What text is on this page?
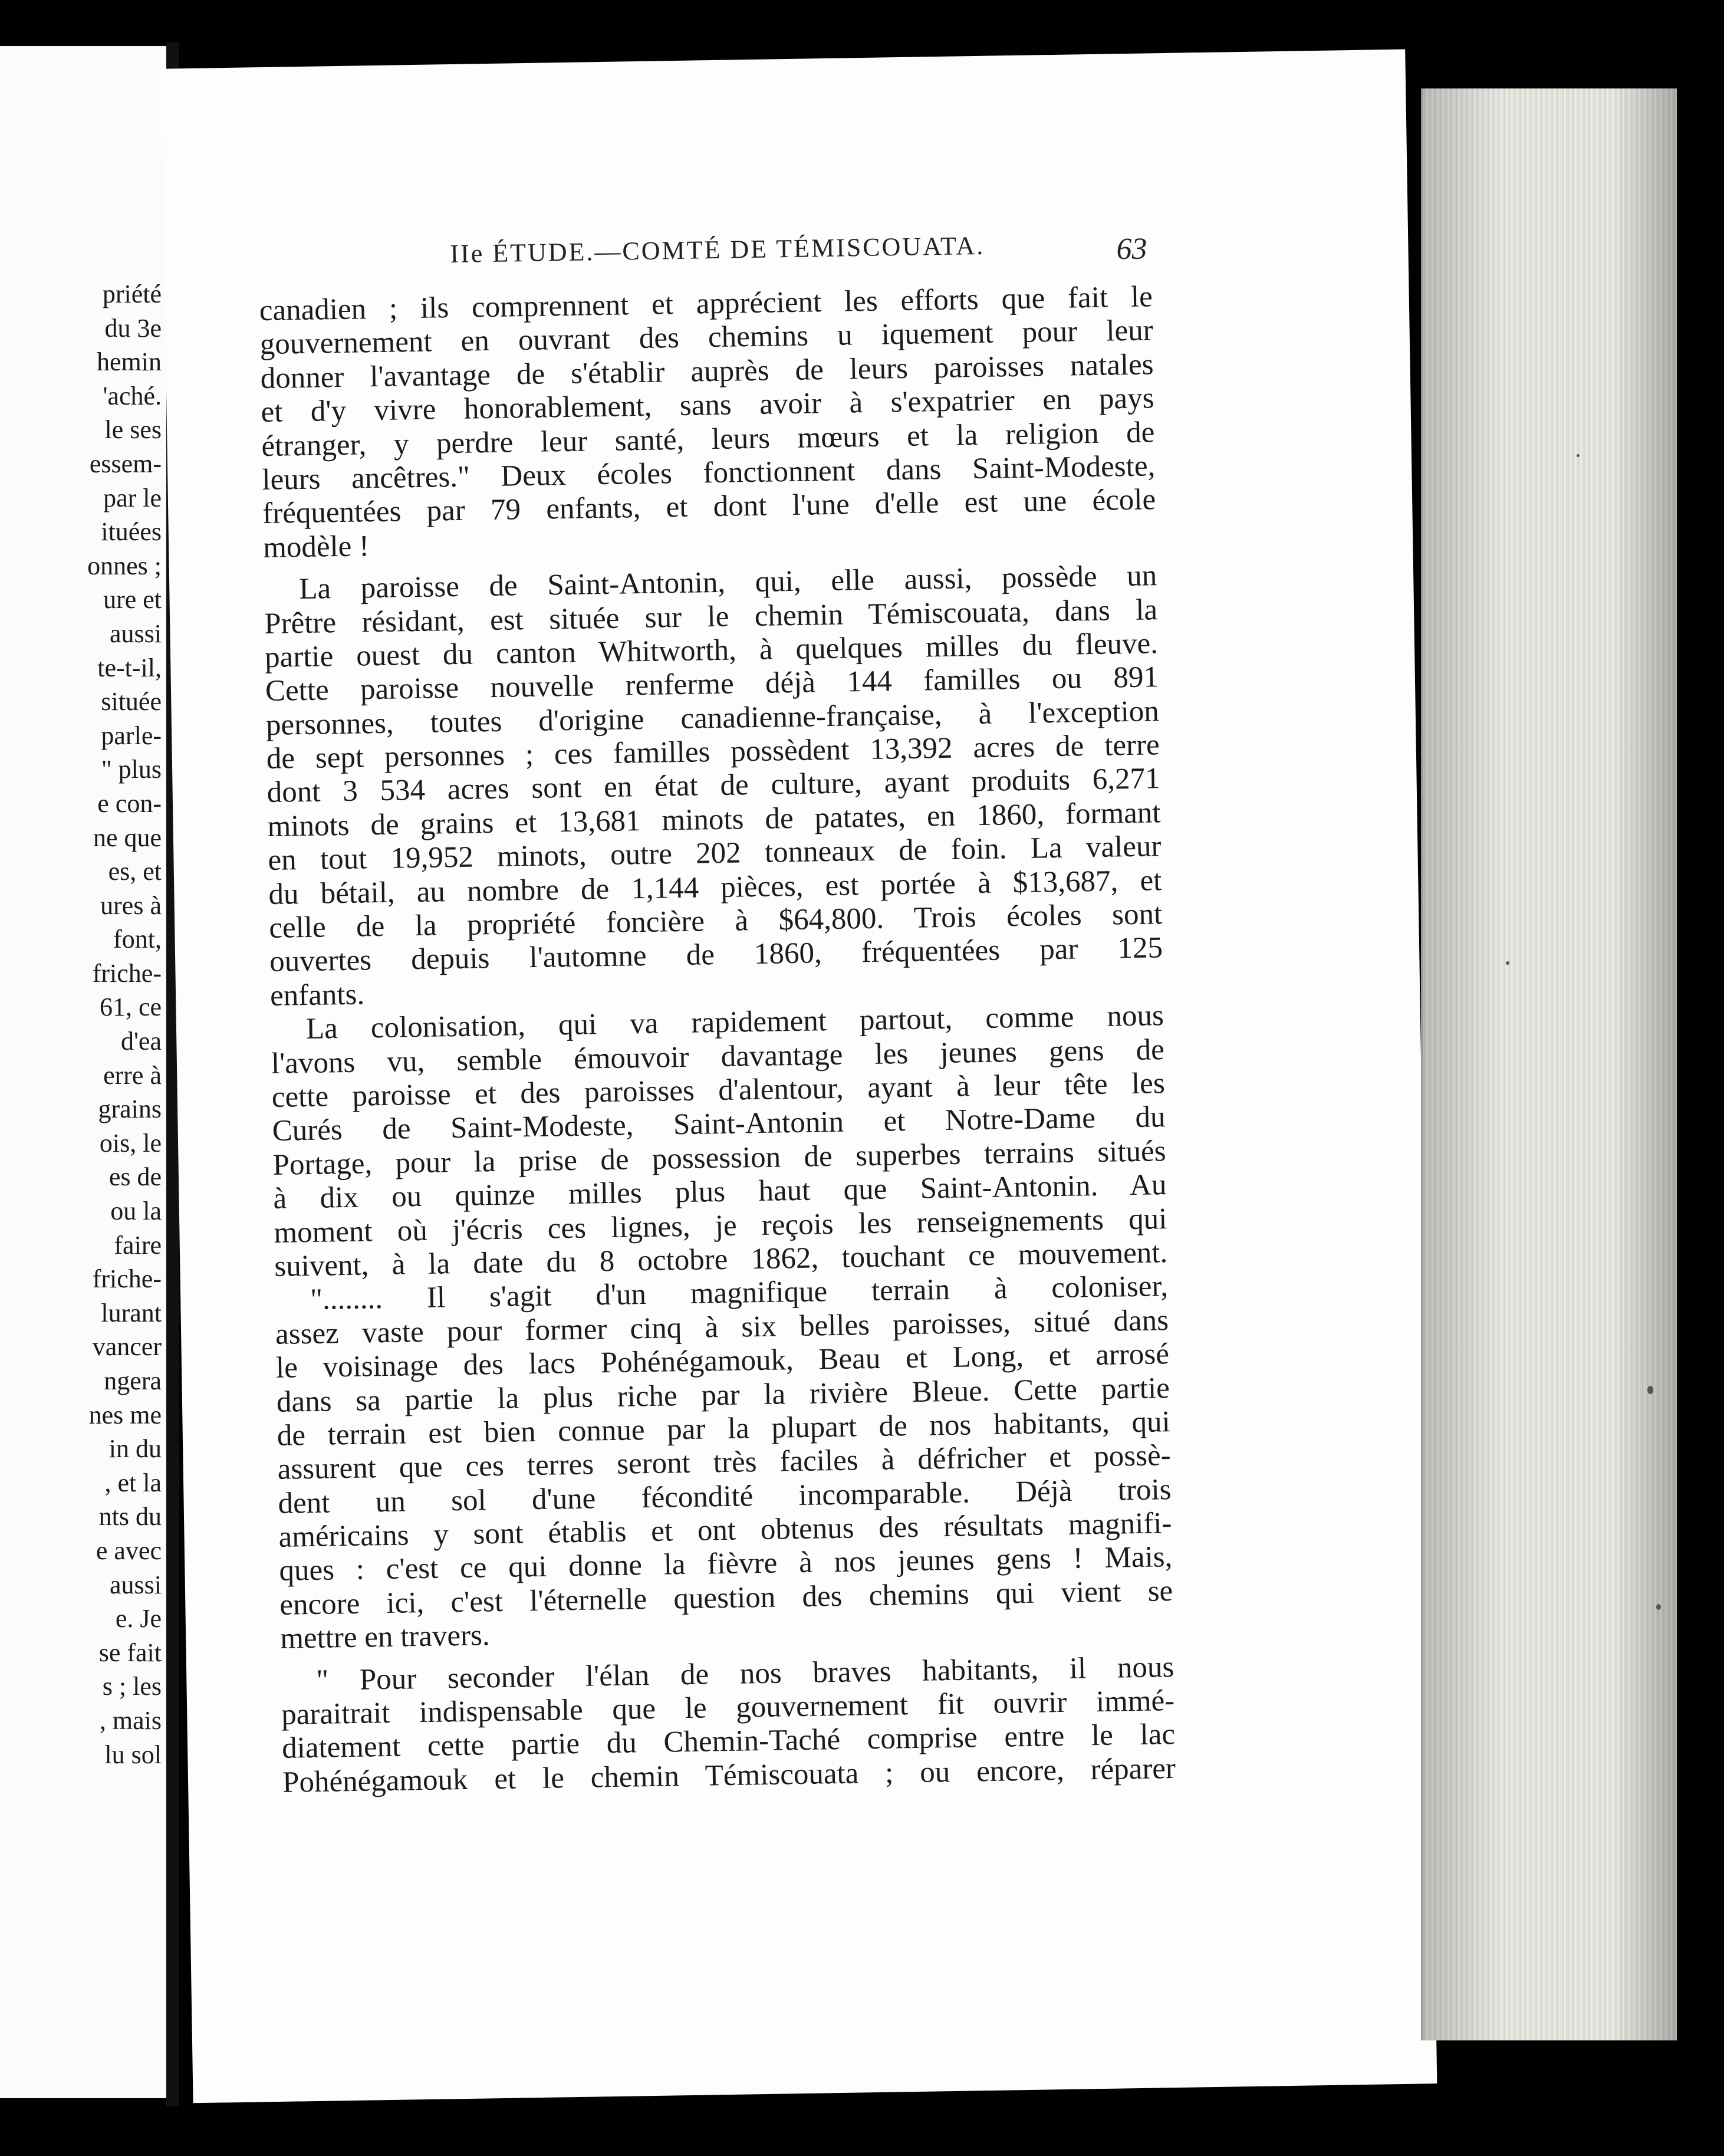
priété
du 3e
hemin
'aché.
le ses
essem-
par le
ituées
onnes ;
ure et
aussi
te-t-il,
située
parle-
" plus
e con-
ne que
es, et
ures à
font,
friche-
61, ce
d'ea
erre à
grains
ois, le
es de
ou la
faire
friche-
lurant
vancer
ngera
nes me
in du
, et la
nts du
e avec
aussi
e. Je
se fait
s ; les
, mais
lu sol
IIe ÉTUDE.—COMTÉ DE TÉMISCOUATA.	63
canadien ; ils comprennent et apprécient les efforts que fait le
gouvernement en ouvrant des chemins u iquement pour leur
donner l'avantage de s'établir auprès de leurs paroisses natales
et d'y vivre honorablement, sans avoir à s'expatrier en pays
étranger, y perdre leur santé, leurs mœurs et la religion de
leurs ancêtres." Deux écoles fonctionnent dans Saint-Modeste,
fréquentées par 79 enfants, et dont l'une d'elle est une école
modèle !
La paroisse de Saint-Antonin, qui, elle aussi, possède un
Prêtre résidant, est située sur le chemin Témiscouata, dans la
partie ouest du canton Whitworth, à quelques milles du fleuve.
Cette paroisse nouvelle renferme déjà 144 familles ou 891
personnes, toutes d'origine canadienne-française, à l'exception
de sept personnes ; ces familles possèdent 13,392 acres de terre
dont 3 534 acres sont en état de culture, ayant produits 6,271
minots de grains et 13,681 minots de patates, en 1860, formant
en tout 19,952 minots, outre 202 tonneaux de foin. La valeur
du bétail, au nombre de 1,144 pièces, est portée à $13,687, et
celle de la propriété foncière à $64,800. Trois écoles sont
ouvertes depuis l'automne de 1860, fréquentées par 125
enfants.
La colonisation, qui va rapidement partout, comme nous
l'avons vu, semble émouvoir davantage les jeunes gens de
cette paroisse et des paroisses d'alentour, ayant à leur tête les
Curés de Saint-Modeste, Saint-Antonin et Notre-Dame du
Portage, pour la prise de possession de superbes terrains situés
à dix ou quinze milles plus haut que Saint-Antonin. Au
moment où j'écris ces lignes, je reçois les renseignements qui
suivent, à la date du 8 octobre 1862, touchant ce mouvement.
"........ Il s'agit d'un magnifique terrain à coloniser,
assez vaste pour former cinq à six belles paroisses, situé dans
le voisinage des lacs Pohénégamouk, Beau et Long, et arrosé
dans sa partie la plus riche par la rivière Bleue. Cette partie
de terrain est bien connue par la plupart de nos habitants, qui
assurent que ces terres seront très faciles à défricher et possè-
dent un sol d'une fécondité incomparable. Déjà trois
américains y sont établis et ont obtenus des résultats magnifi-
ques : c'est ce qui donne la fièvre à nos jeunes gens ! Mais,
encore ici, c'est l'éternelle question des chemins qui vient se
mettre en travers.
" Pour seconder l'élan de nos braves habitants, il nous
paraitrait indispensable que le gouvernement fit ouvrir immé-
diatement cette partie du Chemin-Taché comprise entre le lac
Pohénégamouk et le chemin Témiscouata ; ou encore, réparer
